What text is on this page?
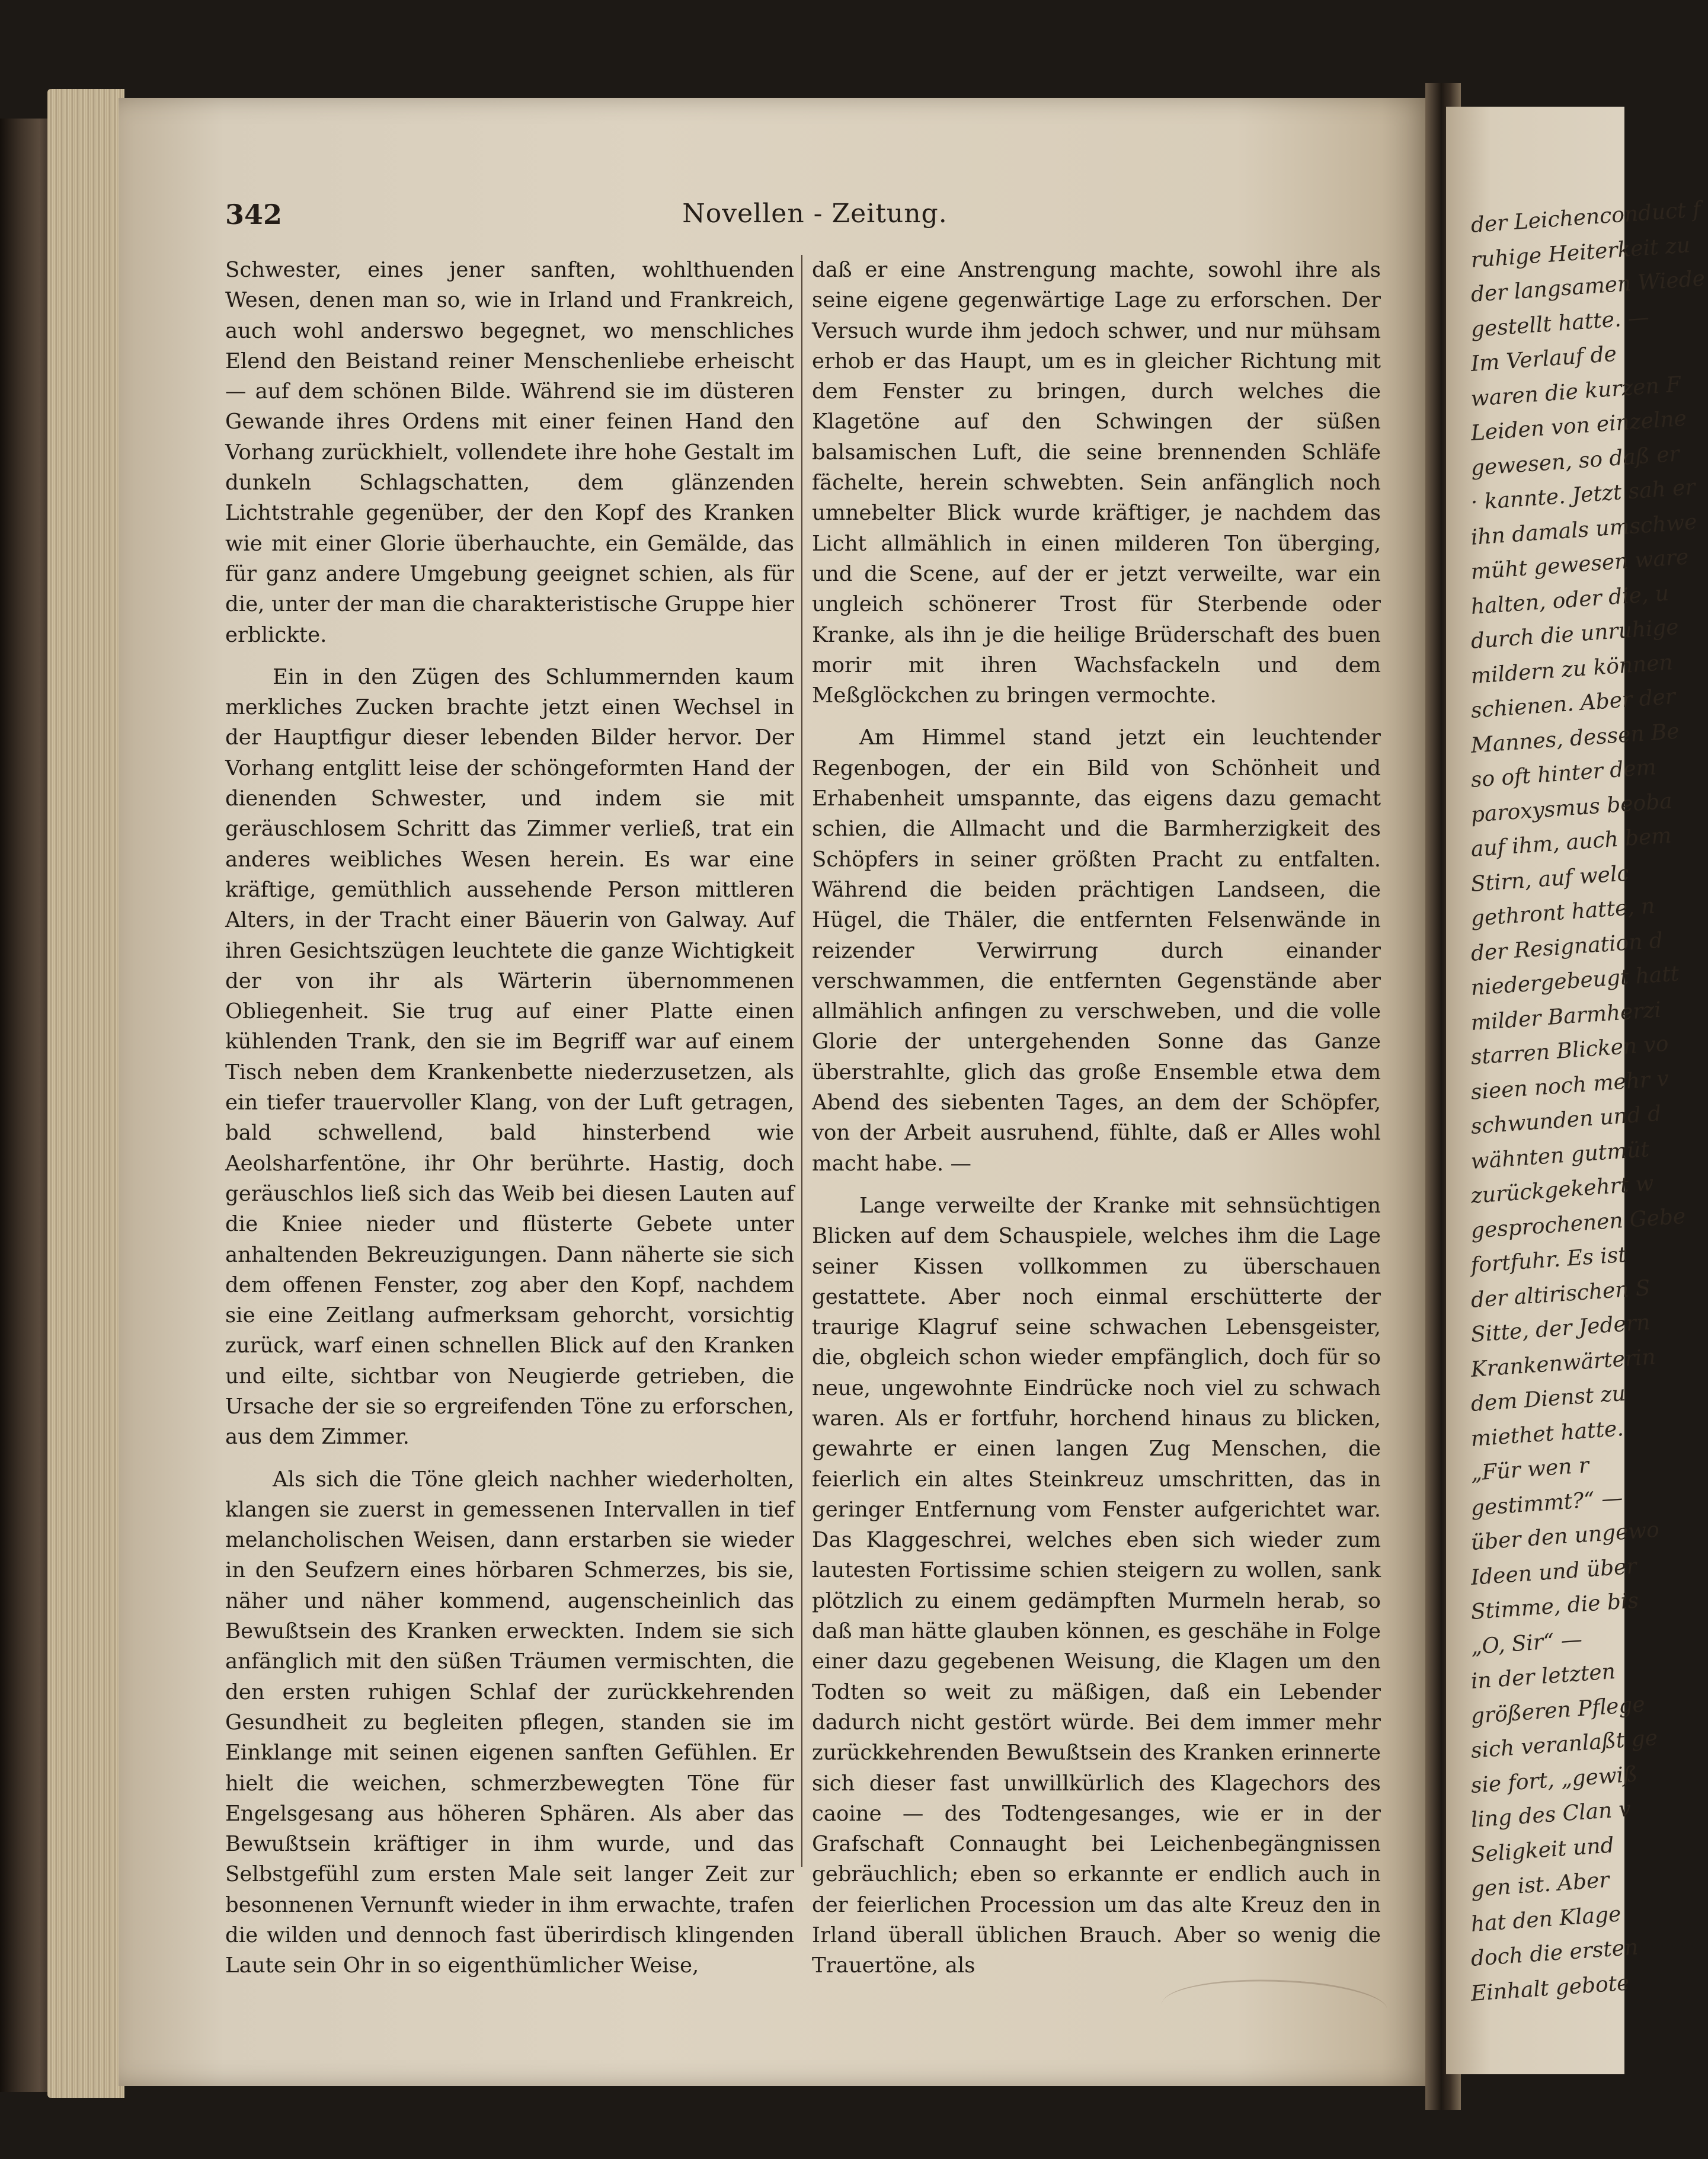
342	Novellen - Zeitung.

Schwester, eines jener sanften, wohlthuenden Wesen, denen man so, wie in Irland und Frankreich, auch wohl anderswo begegnet, wo menschliches Elend den Beistand reiner Menschenliebe erheischt — auf dem schönen Bilde. Während sie im düsteren Gewande ihres Ordens mit einer feinen Hand den Vorhang zurückhielt, vollendete ihre hohe Gestalt im dunkeln Schlagschatten, dem glänzenden Lichtstrahle gegenüber, der den Kopf des Kranken wie mit einer Glorie überhauchte, ein Gemälde, das für ganz andere Umgebung geeignet schien, als für die, unter der man die charakteristische Gruppe hier erblickte.

Ein in den Zügen des Schlummernden kaum merkliches Zucken brachte jetzt einen Wechsel in der Hauptfigur dieser lebenden Bilder hervor. Der Vorhang entglitt leise der schöngeformten Hand der dienenden Schwester, und indem sie mit geräuschlosem Schritt das Zimmer verließ, trat ein anderes weibliches Wesen herein. Es war eine kräftige, gemüthlich aussehende Person mittleren Alters, in der Tracht einer Bäuerin von Galway. Auf ihren Gesichtszügen leuchtete die ganze Wichtigkeit der von ihr als Wärterin übernommenen Obliegenheit. Sie trug auf einer Platte einen kühlenden Trank, den sie im Begriff war auf einem Tisch neben dem Krankenbette niederzusetzen, als ein tiefer trauervoller Klang, von der Luft getragen, bald schwellend, bald hinsterbend wie Aeolsharfentöne, ihr Ohr berührte. Hastig, doch geräuschlos ließ sich das Weib bei diesen Lauten auf die Kniee nieder und flüsterte Gebete unter anhaltenden Bekreuzigungen. Dann näherte sie sich dem offenen Fenster, zog aber den Kopf, nachdem sie eine Zeitlang aufmerksam gehorcht, vorsichtig zurück, warf einen schnellen Blick auf den Kranken und eilte, sichtbar von Neugierde getrieben, die Ursache der sie so ergreifenden Töne zu erforschen, aus dem Zimmer.

Als sich die Töne gleich nachher wiederholten, klangen sie zuerst in gemessenen Intervallen in tief melancholischen Weisen, dann erstarben sie wieder in den Seufzern eines hörbaren Schmerzes, bis sie, näher und näher kommend, augenscheinlich das Bewußtsein des Kranken erweckten. Indem sie sich anfänglich mit den süßen Träumen vermischten, die den ersten ruhigen Schlaf der zurückkehrenden Gesundheit zu begleiten pflegen, standen sie im Einklange mit seinen eigenen sanften Gefühlen. Er hielt die weichen, schmerzbewegten Töne für Engelsgesang aus höheren Sphären. Als aber das Bewußtsein kräftiger in ihm wurde, und das Selbstgefühl zum ersten Male seit langer Zeit zur besonnenen Vernunft wieder in ihm erwachte, trafen die wilden und dennoch fast überirdisch klingenden Laute sein Ohr in so eigenthümlicher Weise,

daß er eine Anstrengung machte, sowohl ihre als seine eigene gegenwärtige Lage zu erforschen. Der Versuch wurde ihm jedoch schwer, und nur mühsam erhob er das Haupt, um es in gleicher Richtung mit dem Fenster zu bringen, durch welches die Klagetöne auf den Schwingen der süßen balsamischen Luft, die seine brennenden Schläfe fächelte, herein schwebten. Sein anfänglich noch umnebelter Blick wurde kräftiger, je nachdem das Licht allmählich in einen milderen Ton überging, und die Scene, auf der er jetzt verweilte, war ein ungleich schönerer Trost für Sterbende oder Kranke, als ihn je die heilige Brüderschaft des buen morir mit ihren Wachsfackeln und dem Meßglöckchen zu bringen vermochte.

Am Himmel stand jetzt ein leuchtender Regenbogen, der ein Bild von Schönheit und Erhabenheit umspannte, das eigens dazu gemacht schien, die Allmacht und die Barmherzigkeit des Schöpfers in seiner größten Pracht zu entfalten. Während die beiden prächtigen Landseen, die Hügel, die Thäler, die entfernten Felsenwände in reizender Verwirrung durch einander verschwammen, die entfernten Gegenstände aber allmählich anfingen zu verschweben, und die volle Glorie der untergehenden Sonne das Ganze überstrahlte, glich das große Ensemble etwa dem Abend des siebenten Tages, an dem der Schöpfer, von der Arbeit ausruhend, fühlte, daß er Alles wohl macht habe. —

Lange verweilte der Kranke mit sehnsüchtigen Blicken auf dem Schauspiele, welches ihm die Lage seiner Kissen vollkommen zu überschauen gestattete. Aber noch einmal erschütterte der traurige Klagruf seine schwachen Lebensgeister, die, obgleich schon wieder empfänglich, doch für so neue, ungewohnte Eindrücke noch viel zu schwach waren. Als er fortfuhr, horchend hinaus zu blicken, gewahrte er einen langen Zug Menschen, die feierlich ein altes Steinkreuz umschritten, das in geringer Entfernung vom Fenster aufgerichtet war. Das Klaggeschrei, welches eben sich wieder zum lautesten Fortissime schien steigern zu wollen, sank plötzlich zu einem gedämpften Murmeln herab, so daß man hätte glauben können, es geschähe in Folge einer dazu gegebenen Weisung, die Klagen um den Todten so weit zu mäßigen, daß ein Lebender dadurch nicht gestört würde. Bei dem immer mehr zurückkehrenden Bewußtsein des Kranken erinnerte sich dieser fast unwillkürlich des Klagechors des caoine — des Todtengesanges, wie er in der Grafschaft Connaught bei Leichenbegängnissen gebräuchlich; eben so erkannte er endlich auch in der feierlichen Procession um das alte Kreuz den in Irland überall üblichen Brauch. Aber so wenig die Trauertöne, als

der Leichenconduct f
ruhige Heiterkeit zu
der langsamen Wiede
gestellt hatte. —
Im Verlauf de
waren die kurzen F
Leiden von einzelne
gewesen, so daß er
· kannte. Jetzt sah er
ihn damals umschwe
müht gewesen ware
halten, oder die, u
durch die unruhige
mildern zu können
schienen. Aber der
Mannes, dessen Be
so oft hinter dem
paroxysmus beoba
auf ihm, auch bem
Stirn, auf welc
gethront hatte, n
der Resignation d
niedergebeugt hatt
milder Barmherzi
starren Blicken vo
sieen noch mehr v
schwunden und d
wähnten gutmüt
zurückgekehrt w
gesprochenen Gebe
fortfuhr. Es ist
der altirischen S
Sitte, der Jedern
Krankenwärterin
dem Dienst zu
miethet hatte.
„Für wen r
gestimmt?“ —
über den ungewo
Ideen und über
Stimme, die bis
„O, Sir“ —
in der letzten
größeren Pflege
sich veranlaßt ge
sie fort, „gewiß
ling des Clan v
Seligkeit und
gen ist. Aber
hat den Klage
doch die ersten
Einhalt gebote
